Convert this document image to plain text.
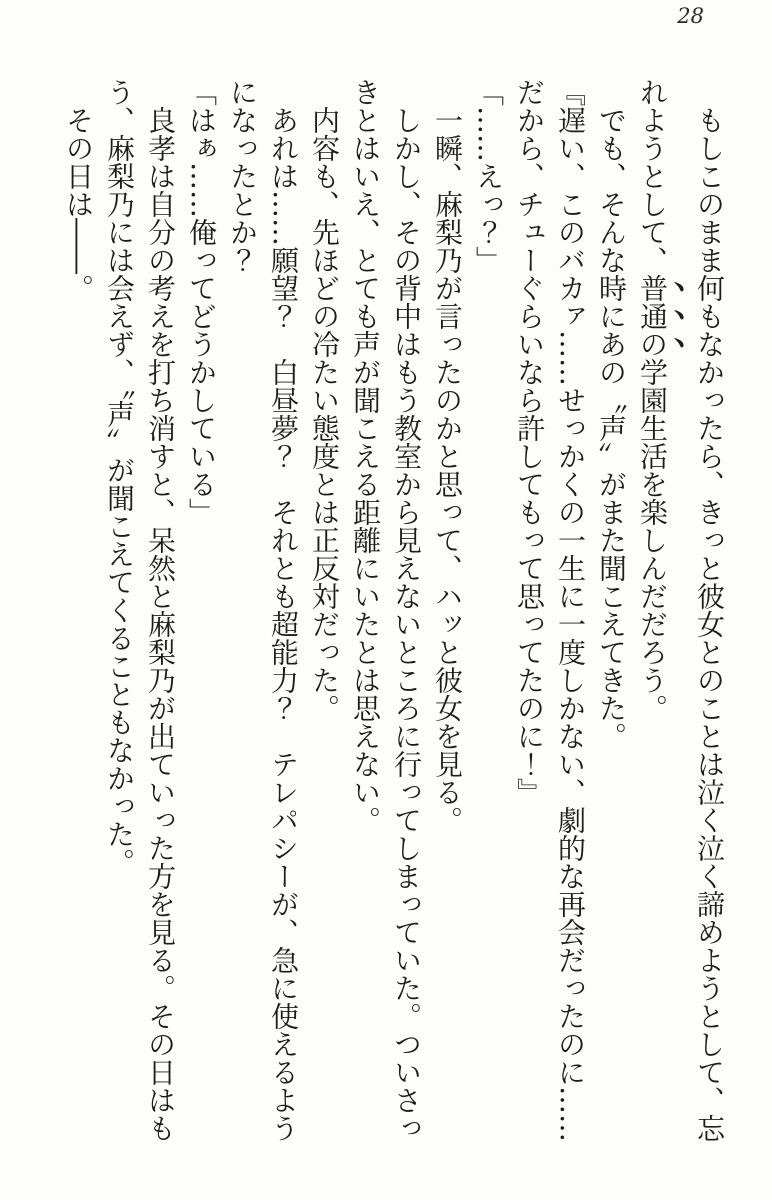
28

もしこのまま何もなかったら、きっと彼女とのことは泣く泣く諦めようとして、忘れようとして、普通の学園生活を楽しんだだろう。

でも、そんな時にあの〝声〞がまた聞こえてきた。

『遅い、このバカァ……せっかくの一生に一度しかない、劇的な再会だったのに……だから、チューぐらいなら許してもって思ってたのに！』

「……えっ？」

一瞬、麻梨乃が言ったのかと思って、ハッと彼女を見る。

しかし、その背中はもう教室から見えないところに行ってしまっていた。ついさっきとはいえ、とても声が聞こえる距離にいたとは思えない。

内容も、先ほどの冷たい態度とは正反対だった。

あれは……願望？　白昼夢？　それとも超能力？　テレパシーが、急に使えるようになったとか？

「はぁ……俺ってどうかしている」

良孝は自分の考えを打ち消すと、呆然と麻梨乃が出ていった方を見る。その日はもう、麻梨乃には会えず、〝声〞が聞こえてくることもなかった。

その日は――。
